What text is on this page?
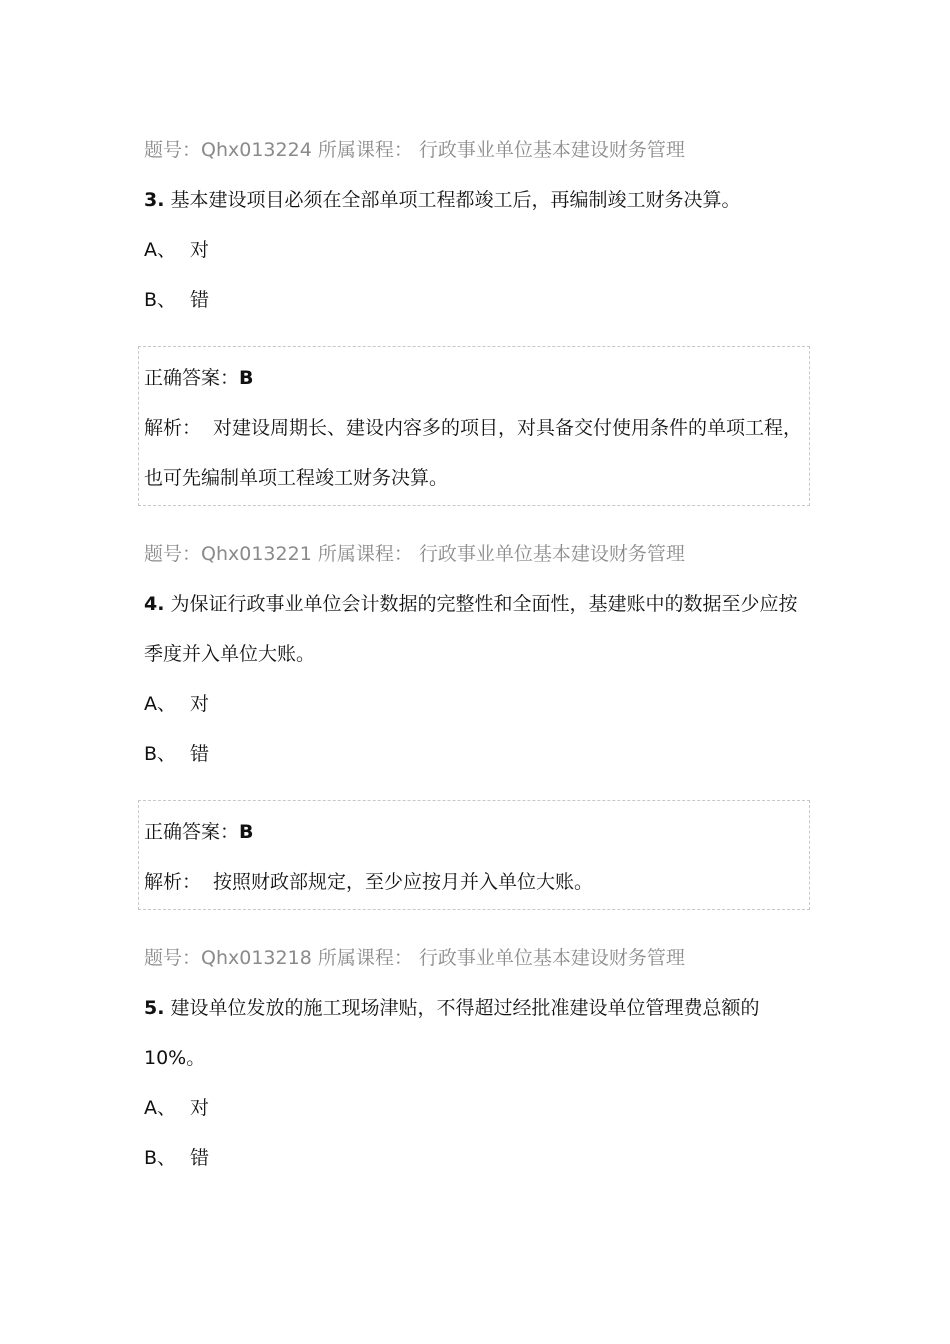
题号：Qhx013224 所属课程： 行政事业单位基本建设财务管理
3. 基本建设项目必须在全部单项工程都竣工后，再编制竣工财务决算。
A、 对
B、 错
正确答案：B
解析： 对建设周期长、建设内容多的项目，对具备交付使用条件的单项工程，
也可先编制单项工程竣工财务决算。
题号：Qhx013221 所属课程： 行政事业单位基本建设财务管理
4. 为保证行政事业单位会计数据的完整性和全面性，基建账中的数据至少应按
季度并入单位大账。
A、 对
B、 错
正确答案：B
解析： 按照财政部规定，至少应按月并入单位大账。
题号：Qhx013218 所属课程： 行政事业单位基本建设财务管理
5. 建设单位发放的施工现场津贴，不得超过经批准建设单位管理费总额的
10%。
A、 对
B、 错
